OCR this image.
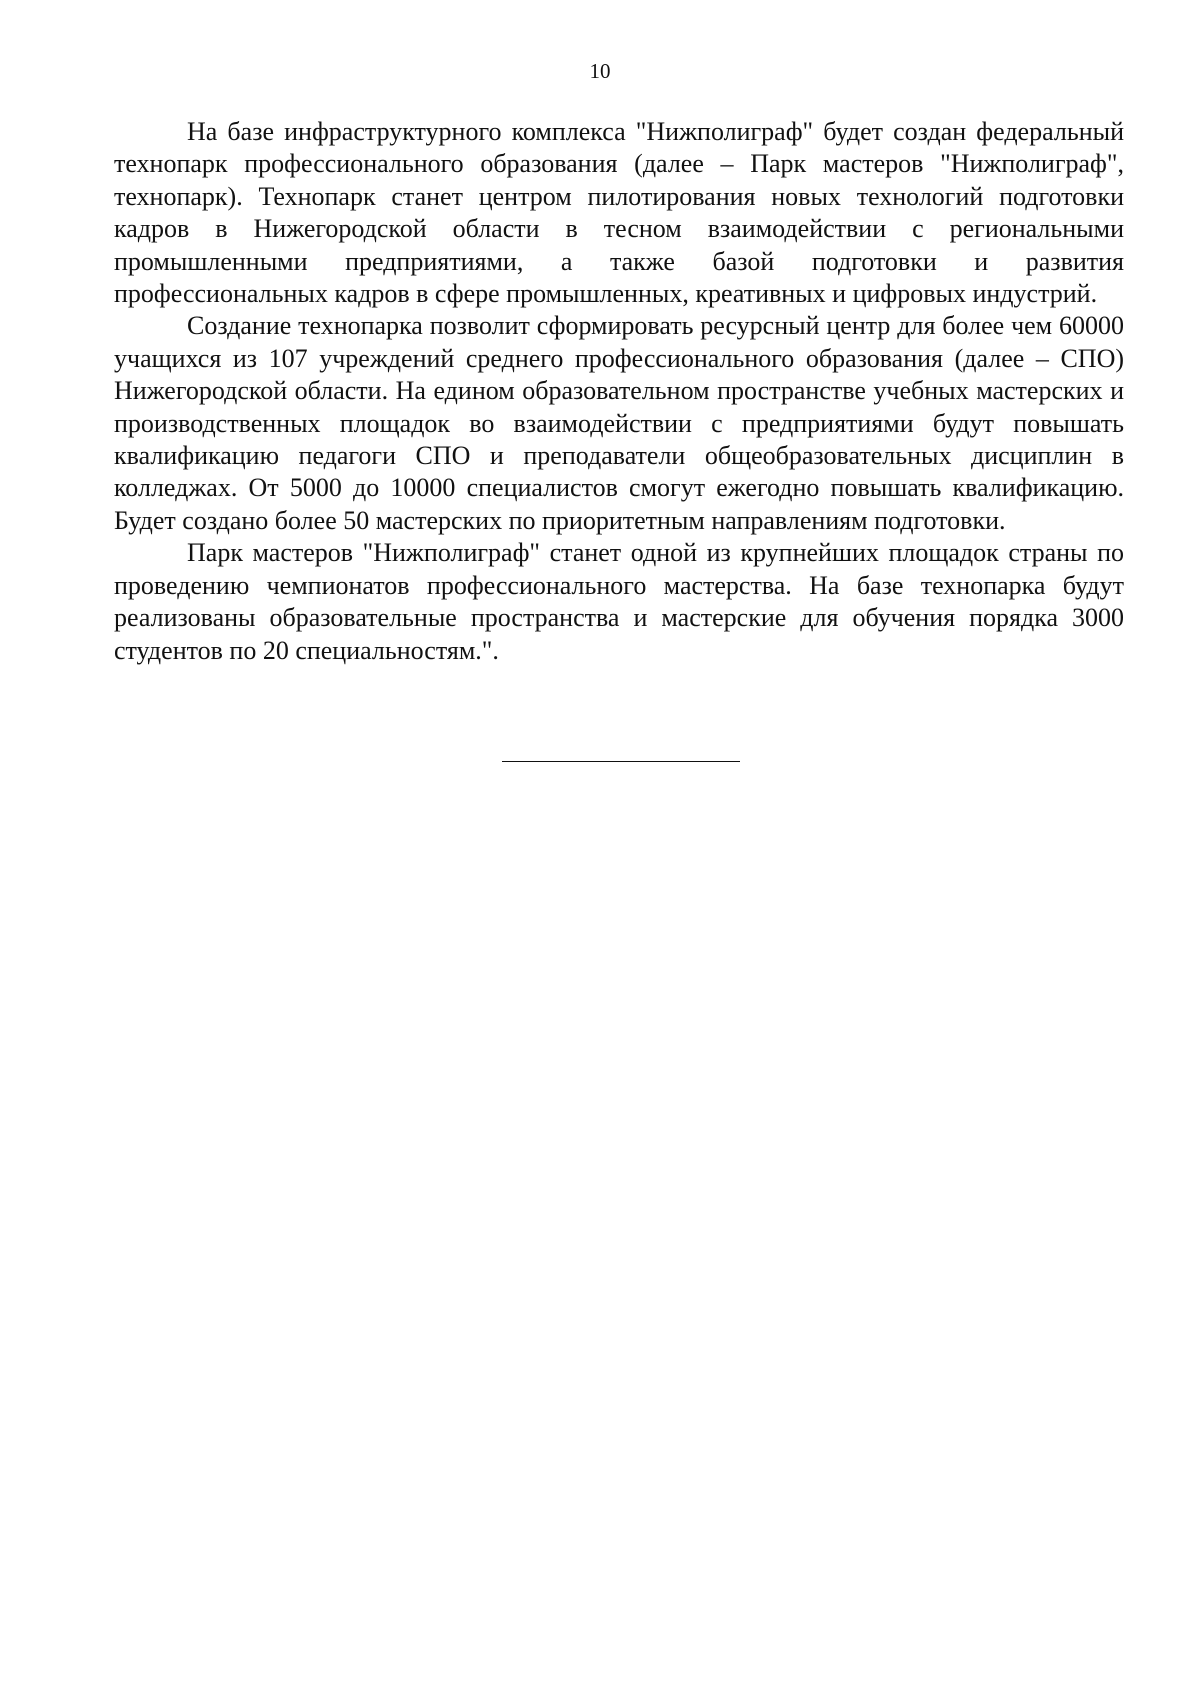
10

На базе инфраструктурного комплекса "Нижполиграф" будет создан федеральный технопарк профессионального образования (далее – Парк мастеров "Нижполиграф", технопарк). Технопарк станет центром пилотирования новых технологий подготовки кадров в Нижегородской области в тесном взаимодействии с региональными промышленными предприятиями, а также базой подготовки и развития профессиональных кадров в сфере промышленных, креативных и цифровых индустрий.

Создание технопарка позволит сформировать ресурсный центр для более чем 60000 учащихся из 107 учреждений среднего профессионального образования (далее – СПО) Нижегородской области. На едином образовательном пространстве учебных мастерских и производственных площадок во взаимодействии с предприятиями будут повышать квалификацию педагоги СПО и преподаватели общеобразовательных дисциплин в колледжах. От 5000 до 10000 специалистов смогут ежегодно повышать квалификацию. Будет создано более 50 мастерских по приоритетным направлениям подготовки.

Парк мастеров "Нижполиграф" станет одной из крупнейших площадок страны по проведению чемпионатов профессионального мастерства. На базе технопарка будут реализованы образовательные пространства и мастерские для обучения порядка 3000 студентов по 20 специальностям.".
